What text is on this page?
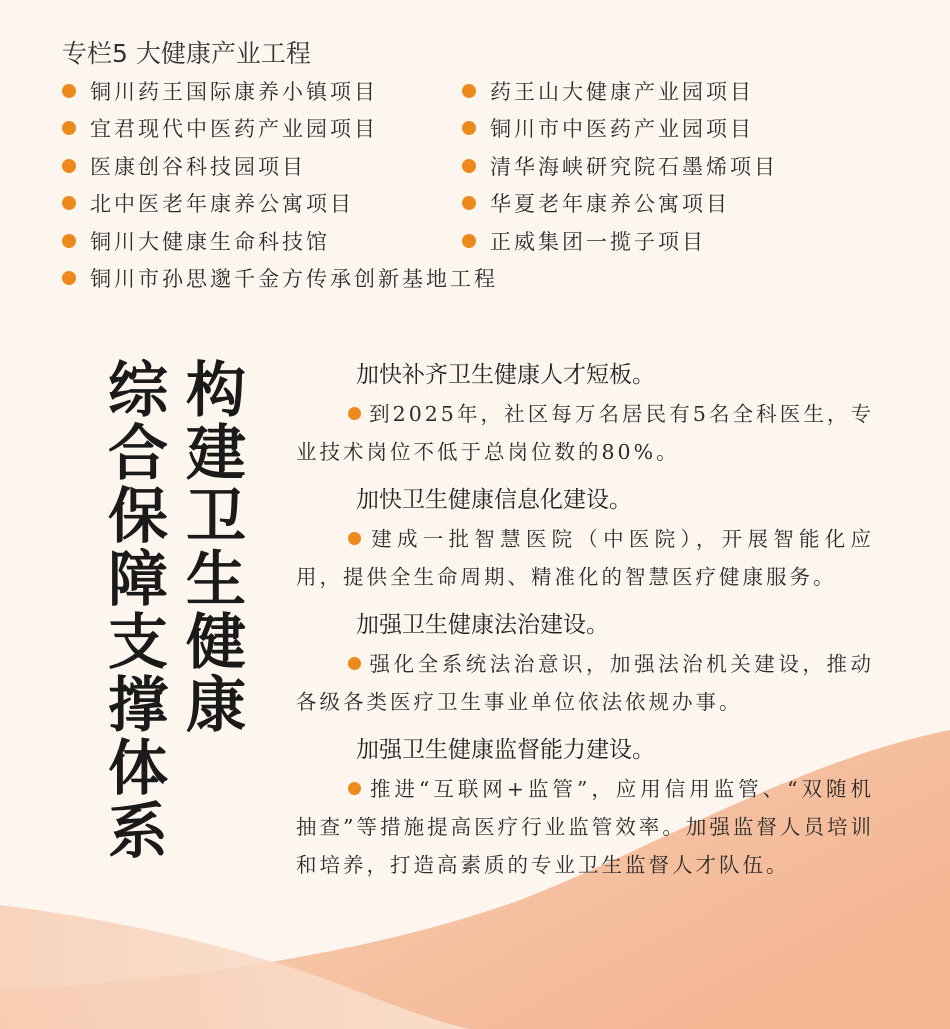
专栏5 大健康产业工程
铜川药王国际康养小镇项目	药王山大健康产业园项目
宜君现代中医药产业园项目	铜川市中医药产业园项目
医康创谷科技园项目	清华海峡研究院石墨烯项目
北中医老年康养公寓项目	华夏老年康养公寓项目
铜川大健康生命科技馆	正威集团一揽子项目
铜川市孙思邈千金方传承创新基地工程
构建卫生健康
综合保障支撑体系	加快补齐卫生健康人才短板。

到2025年，社区每万名居民有5名全科医生，专业技术岗位不低于总岗位数的80%。

加快卫生健康信息化建设。

建成一批智慧医院（中医院），开展智能化应用，提供全生命周期、精准化的智慧医疗健康服务。

加强卫生健康法治建设。

强化全系统法治意识，加强法治机关建设，推动各级各类医疗卫生事业单位依法依规办事。

加强卫生健康监督能力建设。

推进“互联网+监管”，应用信用监管、“双随机抽查”等措施提高医疗行业监管效率。加强监督人员培训和培养，打造高素质的专业卫生监督人才队伍。
